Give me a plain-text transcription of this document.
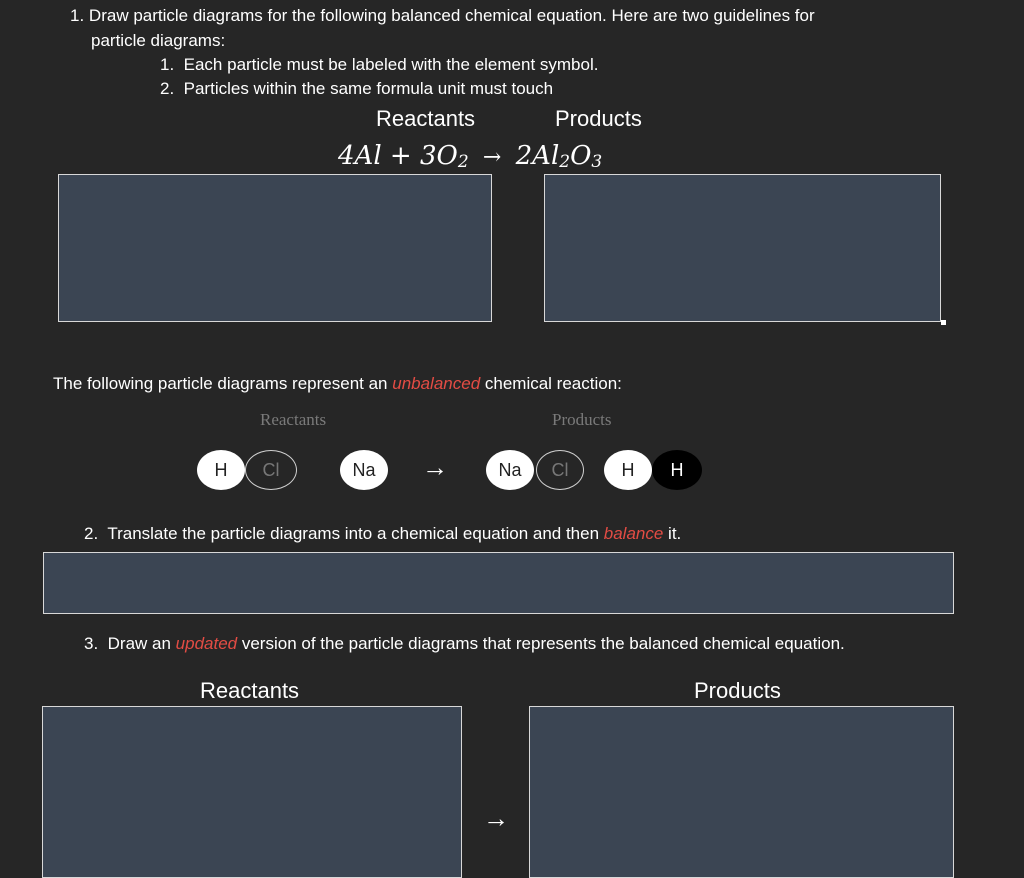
1. Draw particle diagrams for the following balanced chemical equation. Here are two guidelines for
particle diagrams:
1. Each particle must be labeled with the element symbol.
2. Particles within the same formula unit must touch
Reactants	Products
$4Al + 3O_2 \to 2Al_2O_3$
The following particle diagrams represent an unbalanced chemical reaction:
Reactants	Products
H	Cl	Na	→	Na	Cl	H	H
2. Translate the particle diagrams into a chemical equation and then balance it.
3. Draw an updated version of the particle diagrams that represents the balanced chemical equation.
Reactants	Products
→
